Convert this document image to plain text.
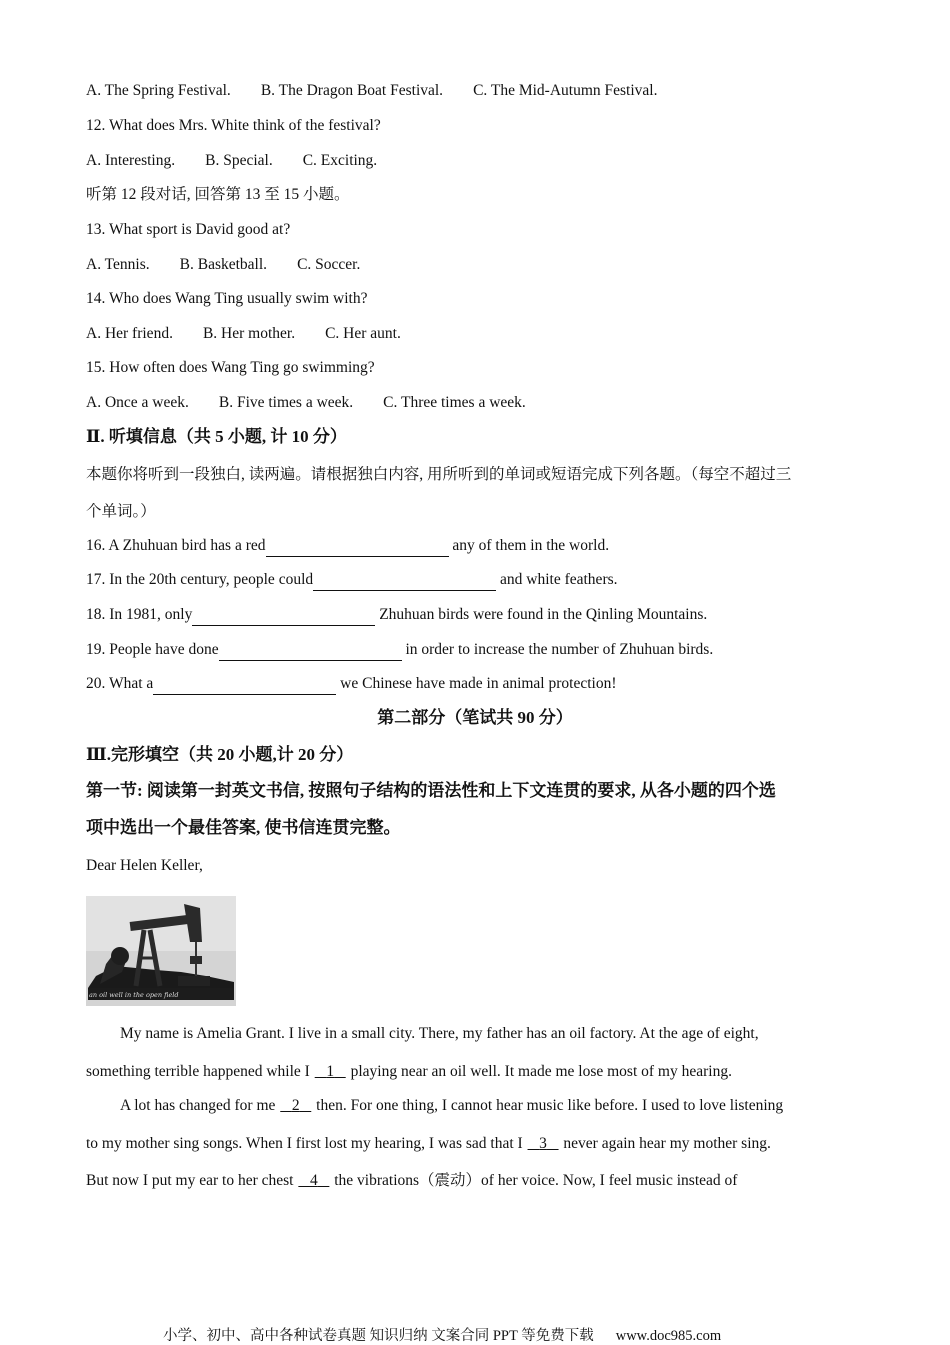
A. The Spring Festival. B. The Dragon Boat Festival. C. The Mid-Autumn Festival.
12. What does Mrs. White think of the festival?
A. Interesting. B. Special. C. Exciting.
听第 12 段对话, 回答第 13 至 15 小题。
13. What sport is David good at?
A. Tennis. B. Basketball. C. Soccer.
14. Who does Wang Ting usually swim with?
A. Her friend. B. Her mother. C. Her aunt.
15. How often does Wang Ting go swimming?
A. Once a week. B. Five times a week. C. Three times a week.
Ⅱ. 听填信息（共 5 小题, 计 10 分）
本题你将听到一段独白, 读两遍。请根据独白内容, 用所听到的单词或短语完成下列各题。（每空不超过三
个单词。）
16. A Zhuhuan bird has a red	any of them in the world.
17. In the 20th century, people could	and white feathers.
18. In 1981, only	Zhuhuan birds were found in the Qinling Mountains.
19. People have done	in order to increase the number of Zhuhuan birds.
20. What a	we Chinese have made in animal protection!
第二部分（笔试共 90 分）
Ⅲ.完形填空（共 20 小题,计 20 分）
第一节: 阅读第一封英文书信, 按照句子结构的语法性和上下文连贯的要求, 从各小题的四个选
项中选出一个最佳答案, 使书信连贯完整。
Dear Helen Keller,
an oil well in the open field
My name is Amelia Grant. I live in a small city. There, my father has an oil factory. At the age of eight,
something terrible happened while I    1    playing near an oil well. It made me lose most of my hearing.
A lot has changed for me    2    then. For one thing, I cannot hear music like before. I used to love listening
to my mother sing songs. When I first lost my hearing, I was sad that I    3    never again hear my mother sing.
But now I put my ear to her chest    4    the vibrations（震动）of her voice. Now, I feel music instead of
小学、初中、高中各种试卷真题 知识归纳 文案合同 PPT 等免费下载 www.doc985.com
